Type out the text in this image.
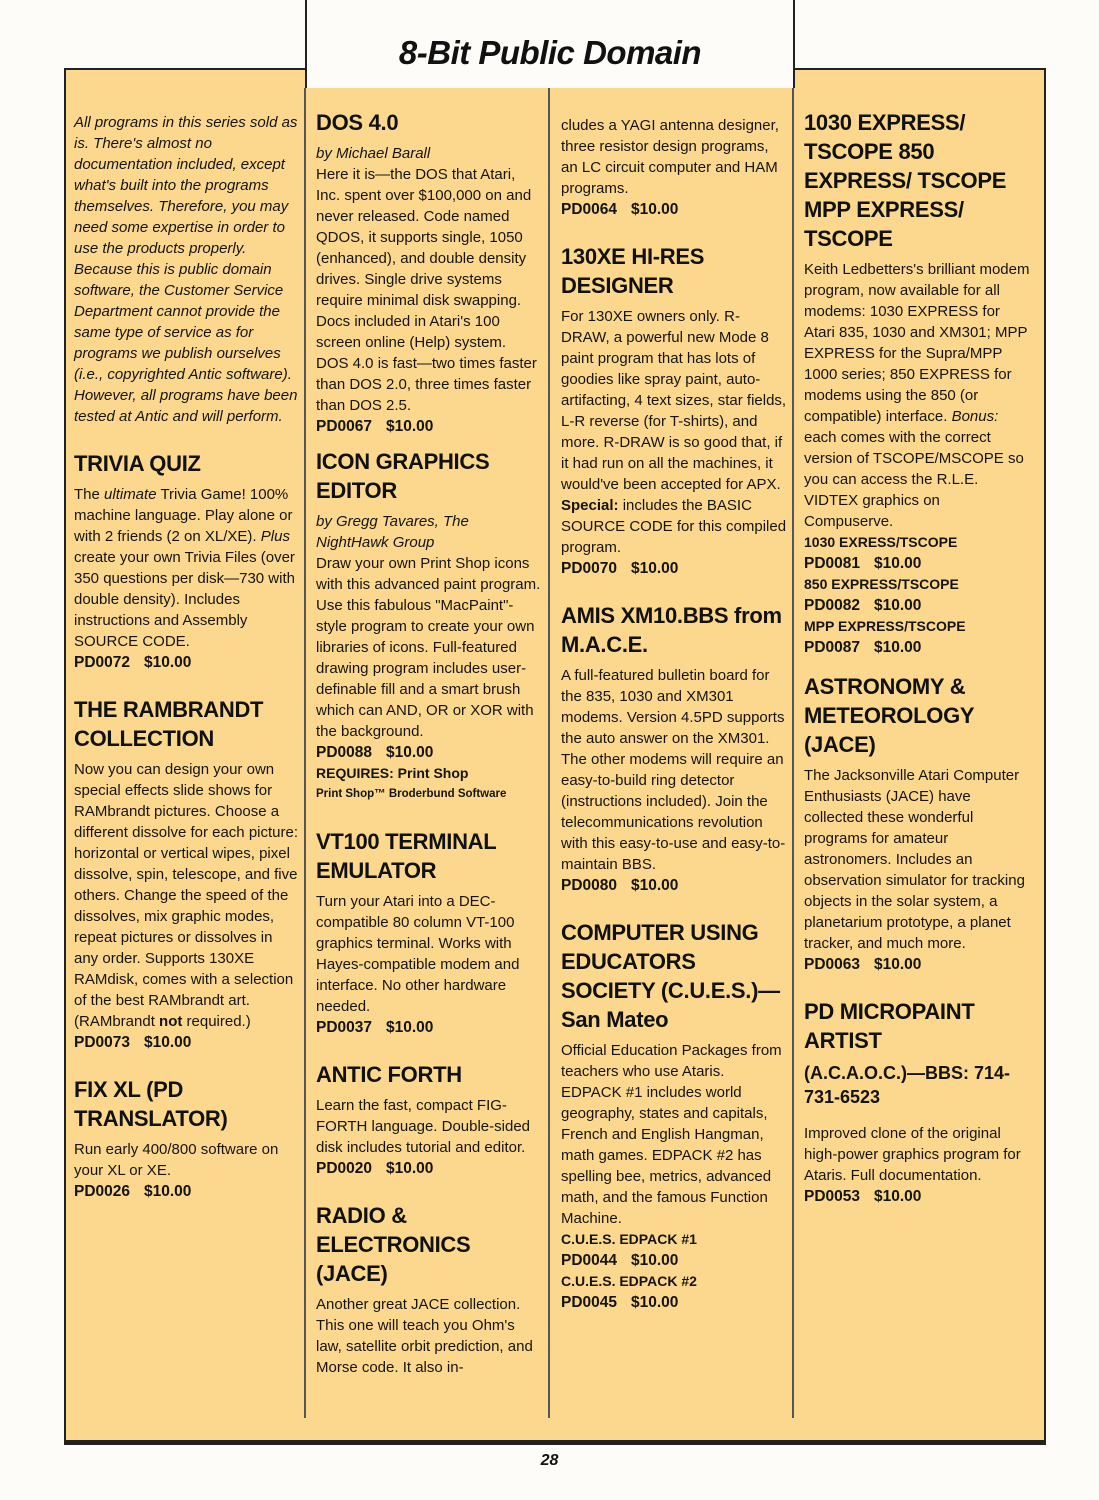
8-Bit Public Domain

All programs in this series sold as is. There's almost no documentation included, except what's built into the programs themselves. Therefore, you may need some expertise in order to use the products properly. Because this is public domain software, the Customer Service Department cannot provide the same type of service as for programs we publish ourselves (i.e., copyrighted Antic software). However, all programs have been tested at Antic and will perform.

TRIVIA QUIZ

The ultimate Trivia Game! 100% machine language. Play alone or with 2 friends (2 on XL/XE). Plus create your own Trivia Files (over 350 questions per disk—730 with double density). Includes instructions and Assembly SOURCE CODE.

PD0072 $10.00

THE RAMBRANDT COLLECTION

Now you can design your own special effects slide shows for RAMbrandt pictures. Choose a different dissolve for each picture: horizontal or vertical wipes, pixel dissolve, spin, telescope, and five others. Change the speed of the dissolves, mix graphic modes, repeat pictures or dissolves in any order. Supports 130XE RAMdisk, comes with a selection of the best RAMbrandt art. (RAMbrandt not required.)

PD0073 $10.00

FIX XL (PD TRANSLATOR)

Run early 400/800 software on your XL or XE.

PD0026 $10.00

DOS 4.0

by Michael Barall

Here it is—the DOS that Atari, Inc. spent over $100,000 on and never released. Code named QDOS, it supports single, 1050 (enhanced), and double density drives. Single drive systems require minimal disk swapping. Docs included in Atari's 100 screen online (Help) system. DOS 4.0 is fast—two times faster than DOS 2.0, three times faster than DOS 2.5.

PD0067 $10.00

ICON GRAPHICS EDITOR

by Gregg Tavares, The NightHawk Group

Draw your own Print Shop icons with this advanced paint program. Use this fabulous "MacPaint"-style program to create your own libraries of icons. Full-featured drawing program includes user-definable fill and a smart brush which can AND, OR or XOR with the background.

PD0088 $10.00

REQUIRES: Print Shop

Print Shop™ Broderbund Software

VT100 TERMINAL EMULATOR

Turn your Atari into a DEC-compatible 80 column VT-100 graphics terminal. Works with Hayes-compatible modem and interface. No other hardware needed.

PD0037 $10.00

ANTIC FORTH

Learn the fast, compact FIG-FORTH language. Double-sided disk includes tutorial and editor.

PD0020 $10.00

RADIO & ELECTRONICS (JACE)

Another great JACE collection. This one will teach you Ohm's law, satellite orbit prediction, and Morse code. It also in-

cludes a YAGI antenna designer, three resistor design programs, an LC circuit computer and HAM programs.

PD0064 $10.00

130XE HI-RES DESIGNER

For 130XE owners only. R-DRAW, a powerful new Mode 8 paint program that has lots of goodies like spray paint, auto-artifacting, 4 text sizes, star fields, L-R reverse (for T-shirts), and more. R-DRAW is so good that, if it had run on all the machines, it would've been accepted for APX.

Special: includes the BASIC SOURCE CODE for this compiled program.

PD0070 $10.00

AMIS XM10.BBS from M.A.C.E.

A full-featured bulletin board for the 835, 1030 and XM301 modems. Version 4.5PD supports the auto answer on the XM301. The other modems will require an easy-to-build ring detector (instructions included). Join the telecommunications revolution with this easy-to-use and easy-to-maintain BBS.

PD0080 $10.00

COMPUTER USING EDUCATORS SOCIETY (C.U.E.S.)—San Mateo

Official Education Packages from teachers who use Ataris. EDPACK #1 includes world geography, states and capitals, French and English Hangman, math games. EDPACK #2 has spelling bee, metrics, advanced math, and the famous Function Machine.

C.U.E.S. EDPACK #1

PD0044 $10.00

C.U.E.S. EDPACK #2

PD0045 $10.00

1030 EXPRESS/ TSCOPE 850 EXPRESS/ TSCOPE MPP EXPRESS/ TSCOPE

Keith Ledbetters's brilliant modem program, now available for all modems: 1030 EXPRESS for Atari 835, 1030 and XM301; MPP EXPRESS for the Supra/MPP 1000 series; 850 EXPRESS for modems using the 850 (or compatible) interface. Bonus: each comes with the correct version of TSCOPE/MSCOPE so you can access the R.L.E. VIDTEX graphics on Compuserve.

1030 EXRESS/TSCOPE

PD0081 $10.00

850 EXPRESS/TSCOPE

PD0082 $10.00

MPP EXPRESS/TSCOPE

PD0087 $10.00

ASTRONOMY & METEOROLOGY (JACE)

The Jacksonville Atari Computer Enthusiasts (JACE) have collected these wonderful programs for amateur astronomers. Includes an observation simulator for tracking objects in the solar system, a planetarium prototype, a planet tracker, and much more.

PD0063 $10.00

PD MICROPAINT ARTIST

(A.C.A.O.C.)—BBS: 714-731-6523

Improved clone of the original high-power graphics program for Ataris. Full documentation.

PD0053 $10.00

28
